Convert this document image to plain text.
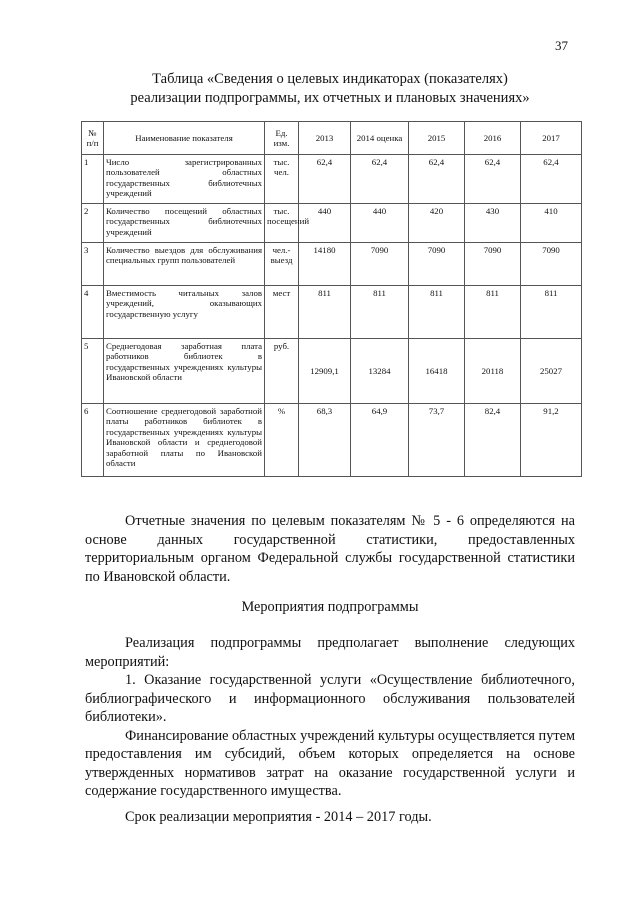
37
Таблица «Сведения о целевых индикаторах (показателях)
реализации подпрограммы, их отчетных и плановых значениях»
№ п/п	Наименование показателя	Ед. изм.	2013	2014 оценка	2015	2016	2017
1	Число зарегистрированных пользователей областных государственных библиотечных учреждений	тыс. чел.	62,4	62,4	62,4	62,4	62,4
2	Количество посещений областных государственных библиотечных учреждений	тыс. посещений	440	440	420	430	410
3	Количество выездов для обслуживания специальных групп пользователей	чел.-выезд	14180	7090	7090	7090	7090
4	Вместимость читальных залов учреждений, оказывающих государственную услугу	мест	811	811	811	811	811
5	Среднегодовая заработная плата работников библиотек в государственных учреждениях культуры Ивановской области	руб.	12909,1	13284	16418	20118	25027
6	Соотношение среднегодовой заработной платы работников библиотек в государственных учреждениях культуры Ивановской области и среднегодовой заработной платы по Ивановской области	%	68,3	64,9	73,7	82,4	91,2

Отчетные значения по целевым показателям № 5 - 6 определяются на основе данных государственной статистики, предоставленных территориальным органом Федеральной службы государственной статистики по Ивановской области.

Мероприятия подпрограммы

Реализация подпрограммы предполагает выполнение следующих мероприятий:

1. Оказание государственной услуги «Осуществление библиотечного, библиографического и информационного обслуживания пользователей библиотеки».

Финансирование областных учреждений культуры осуществляется путем предоставления им субсидий, объем которых определяется на основе утвержденных нормативов затрат на оказание государственной услуги и содержание государственного имущества.

Срок реализации мероприятия - 2014 – 2017 годы.
